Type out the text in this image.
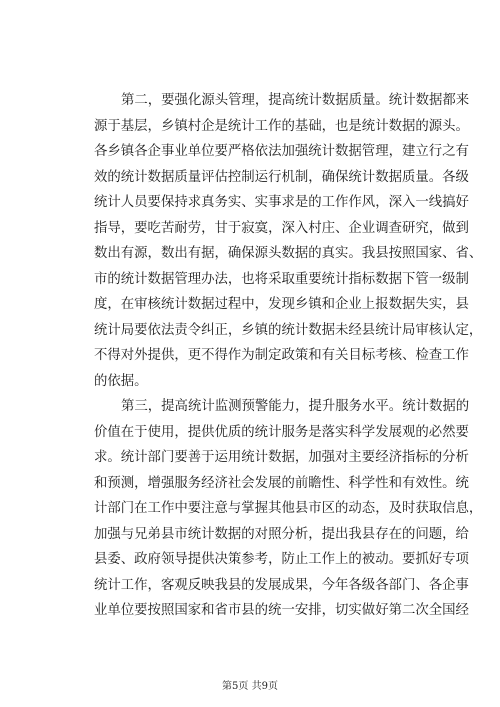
第二，要强化源头管理，提高统计数据质量。统计数据都来
源于基层，乡镇村企是统计工作的基础，也是统计数据的源头。
各乡镇各企事业单位要严格依法加强统计数据管理，建立行之有
效的统计数据质量评估控制运行机制，确保统计数据质量。各级
统计人员要保持求真务实、实事求是的工作作风，深入一线搞好
指导，要吃苦耐劳，甘于寂寞，深入村庄、企业调查研究，做到
数出有源，数出有据，确保源头数据的真实。我县按照国家、省、
市的统计数据管理办法，也将采取重要统计指标数据下管一级制
度，在审核统计数据过程中，发现乡镇和企业上报数据失实，县
统计局要依法责令纠正，乡镇的统计数据未经县统计局审核认定，
不得对外提供，更不得作为制定政策和有关目标考核、检查工作
的依据。
第三，提高统计监测预警能力，提升服务水平。统计数据的
价值在于使用，提供优质的统计服务是落实科学发展观的必然要
求。统计部门要善于运用统计数据，加强对主要经济指标的分析
和预测，增强服务经济社会发展的前瞻性、科学性和有效性。统
计部门在工作中要注意与掌握其他县市区的动态，及时获取信息，
加强与兄弟县市统计数据的对照分析，提出我县存在的问题，给
县委、政府领导提供决策参考，防止工作上的被动。要抓好专项
统计工作，客观反映我县的发展成果，今年各级各部门、各企事
业单位要按照国家和省市县的统一安排，切实做好第二次全国经
第5页 共9页
